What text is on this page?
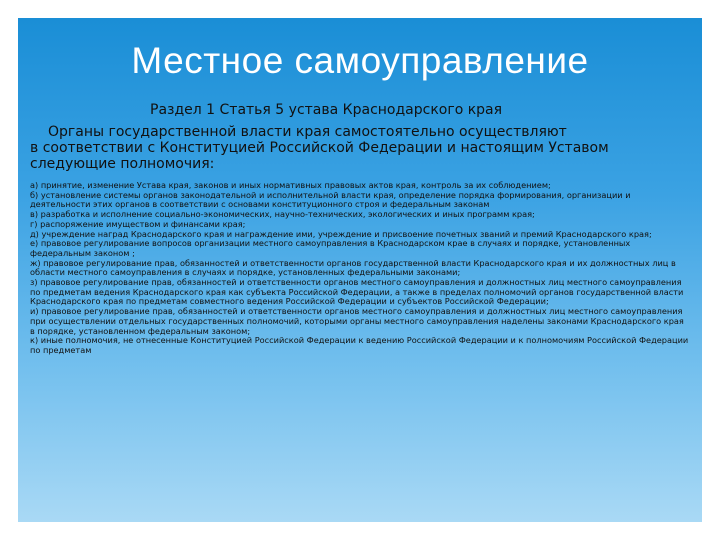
Местное самоуправление
Раздел 1 Статья 5 устава Краснодарского края
Органы государственной власти края самостоятельно осуществляют
в соответствии с Конституцией Российской Федерации и настоящим Уставом следующие полномочия:
а) принятие, изменение Устава края, законов и иных нормативных правовых актов края, контроль за их соблюдением;
б) установление системы органов законодательной и исполнительной власти края, определение порядка формирования, организации и деятельности этих органов в соответствии с основами конституционного строя и федеральным законам
в) разработка и исполнение социально-экономических, научно-технических, экологических и иных программ края;
г) распоряжение имуществом и финансами края;
д) учреждение наград Краснодарского края и награждение ими, учреждение и присвоение почетных званий и премий Краснодарского края;
е) правовое регулирование вопросов организации местного самоуправления в Краснодарском крае в случаях и порядке, установленных федеральным законом ;
ж) правовое регулирование прав, обязанностей и ответственности органов государственной власти Краснодарского края и их должностных лиц в области местного самоуправления в случаях и порядке, установленных федеральными законами;
з) правовое регулирование прав, обязанностей и ответственности органов местного самоуправления и должностных лиц местного самоуправления по предметам ведения Краснодарского края как субъекта Российской Федерации, а также в пределах полномочий органов государственной власти Краснодарского края по предметам совместного ведения Российской Федерации и субъектов Российской Федерации;
и) правовое регулирование прав, обязанностей и ответственности органов местного самоуправления и должностных лиц местного самоуправления при осуществлении отдельных государственных полномочий, которыми органы местного самоуправления наделены законами Краснодарского края в порядке, установленном федеральным законом;
к) иные полномочия, не отнесенные Конституцией Российской Федерации к ведению Российской Федерации и к полномочиям Российской Федерации по предметам
